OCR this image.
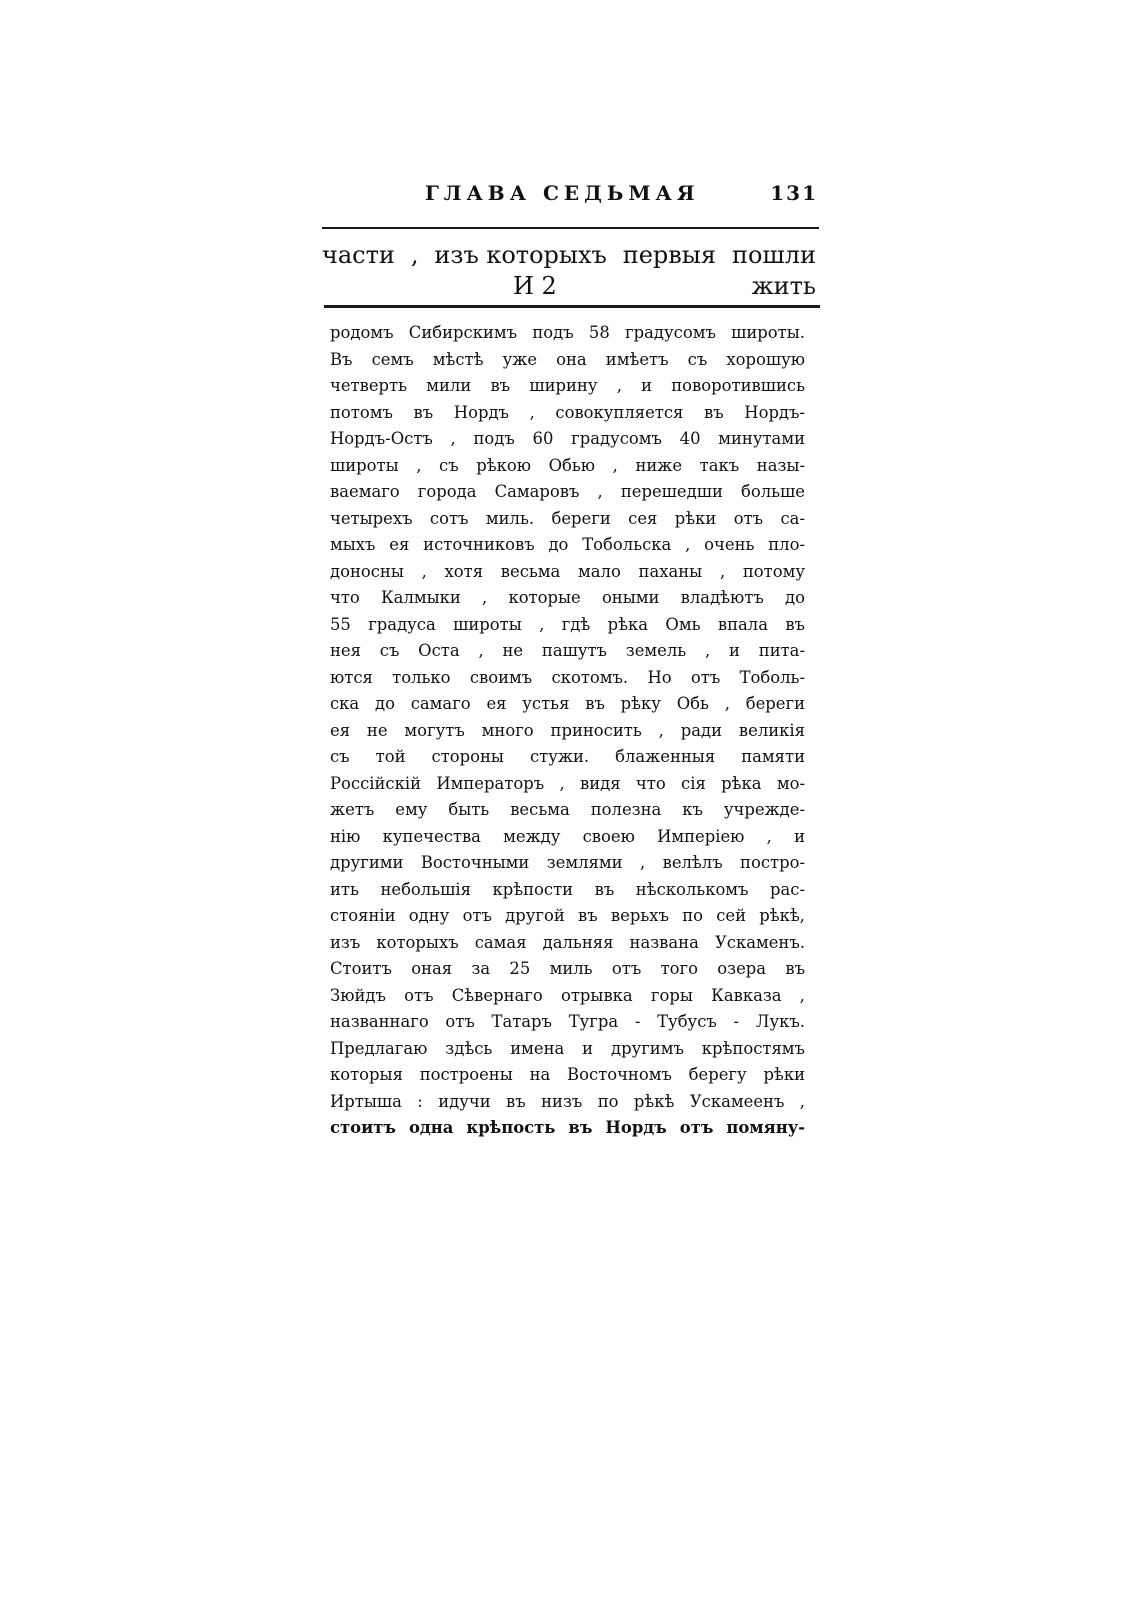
ГЛАВА СЕДЬМАЯ	131
части , изъ которыхъ первыя пошли
И 2	жить
родомъ Сибирскимъ подъ 58 градусомъ широты.
Въ семъ мѣстѣ уже она имѣетъ съ хорошую
четверть мили въ ширину , и поворотившись
потомъ въ Нордъ , совокупляется въ Нордъ-
Нордъ-Остъ , подъ 60 градусомъ 40 минутами
широты , съ рѣкою Обью , ниже такъ назы-
ваемаго города Самаровъ , перешедши больше
четырехъ сотъ миль. береги сея рѣки отъ са-
мыхъ ея источниковъ до Тобольска , очень пло-
доносны , хотя весьма мало паханы , потому
что Калмыки , которые оными владѣютъ до
55 градуса широты , гдѣ рѣка Омь впала въ
нея съ Оста , не пашутъ земель , и пита-
ются только своимъ скотомъ. Но отъ Тоболь-
ска до самаго ея устья въ рѣку Обь , береги
ея не могутъ много приносить , ради великія
съ той стороны стужи. блаженныя памяти
Россійскій Императоръ , видя что сія рѣка мо-
жетъ ему быть весьма полезна къ учрежде-
нію купечества между своею Имперіею , и
другими Восточными землями , велѣлъ постро-
ить небольшія крѣпости въ нѣсколькомъ рас-
стояніи одну отъ другой въ верьхъ по сей рѣкѣ,
изъ которыхъ самая дальняя названа Ускаменъ.
Стоитъ оная за 25 миль отъ того озера въ
Зюйдъ отъ Сѣвернаго отрывка горы Кавказа ,
названнаго отъ Татаръ Тугра - Тубусъ - Лукъ.
Предлагаю здѣсь имена и другимъ крѣпостямъ
которыя построены на Восточномъ берегу рѣки
Иртыша : идучи въ низъ по рѣкѣ Ускамеенъ ,
стоитъ одна крѣпость въ Нордъ отъ помяну-
